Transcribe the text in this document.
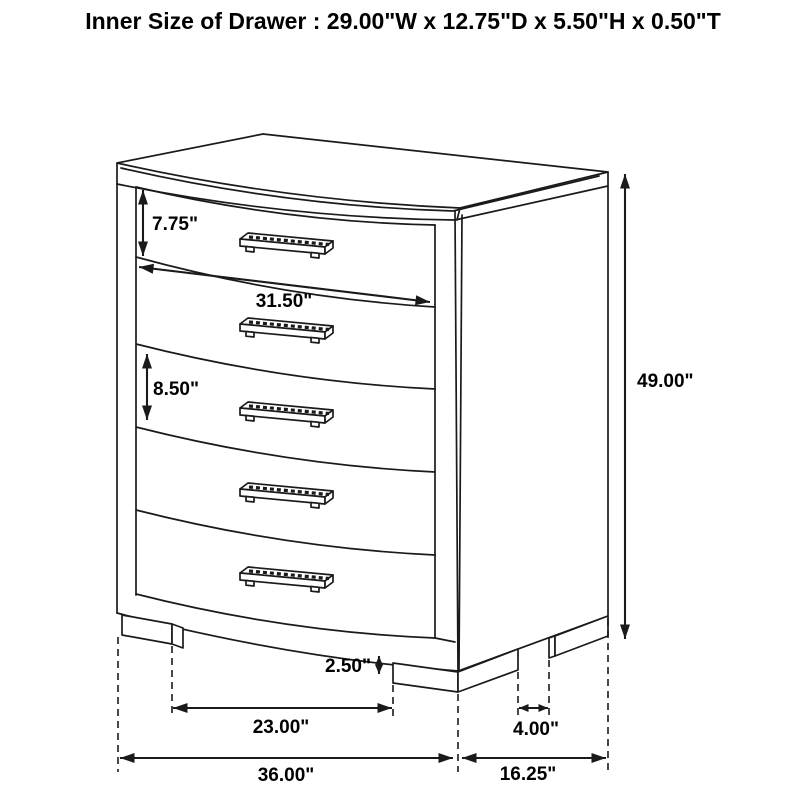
Inner Size of Drawer : 29.00"W x 12.75"D x 5.50"H x 0.50"T
7.75"
31.50"
8.50"	49.00"
2.50"
23.00"	4.00"
36.00"	16.25"
